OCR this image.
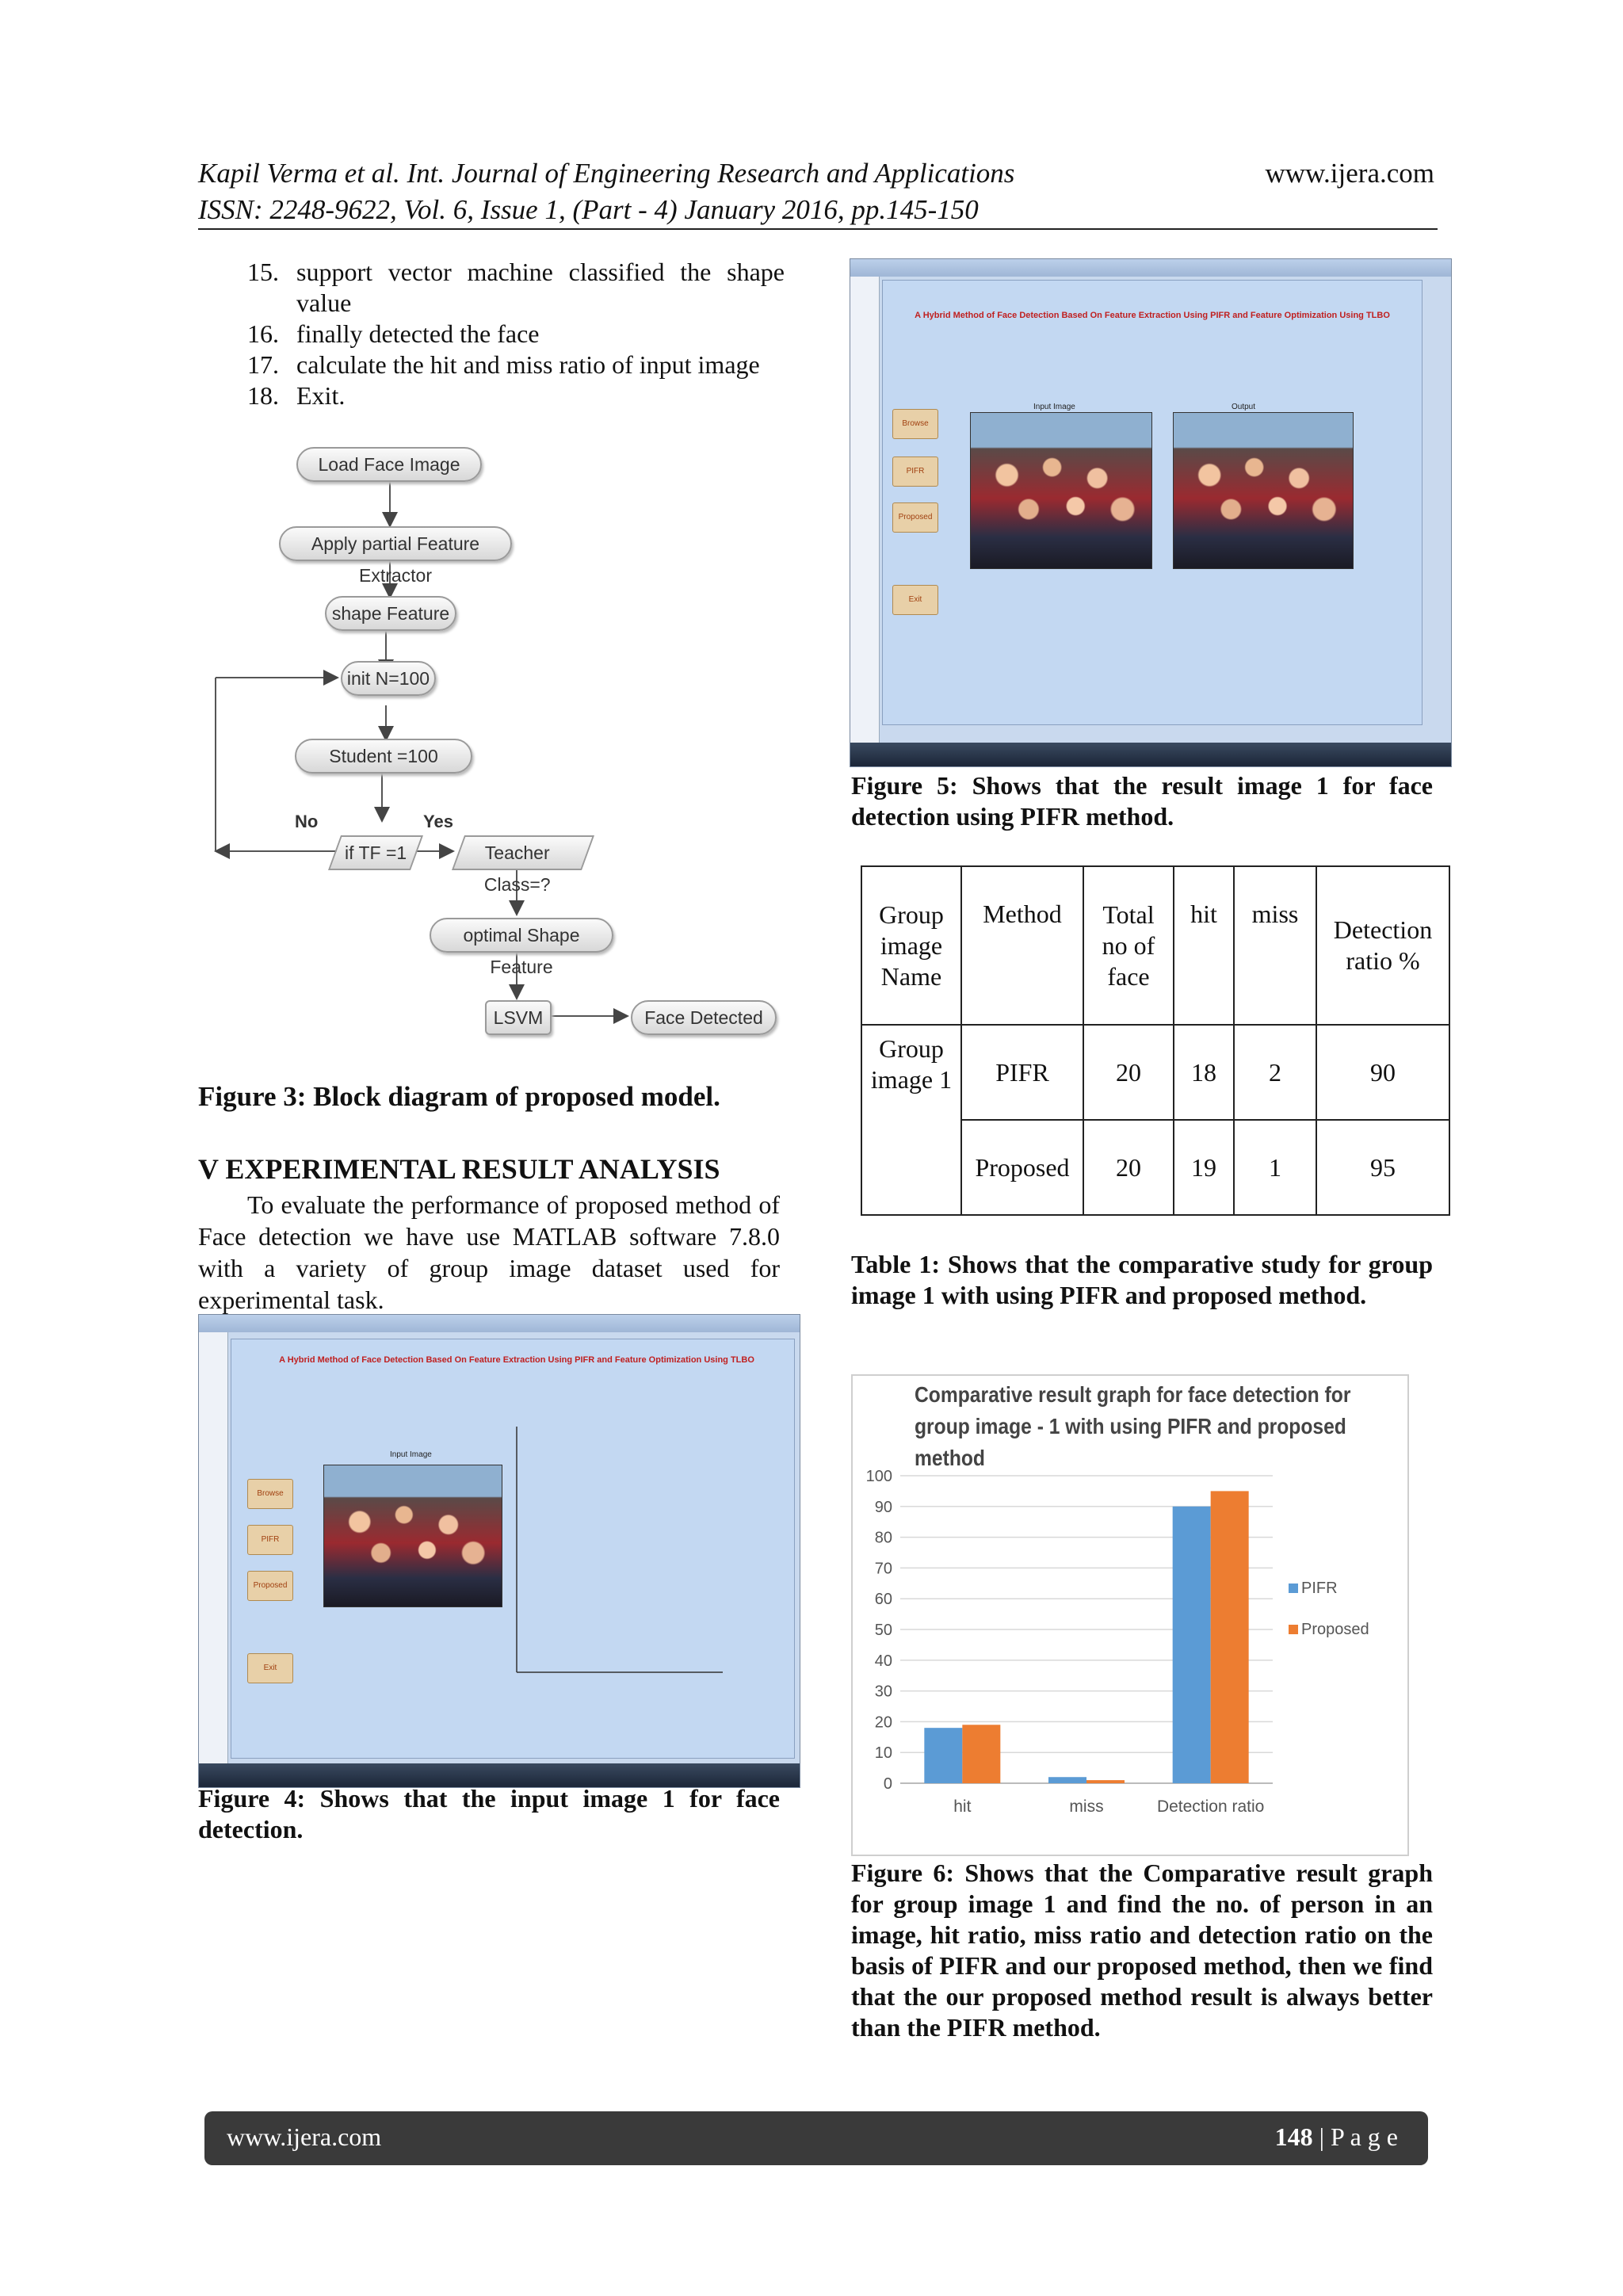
Kapil Verma et al. Int. Journal of Engineering Research and Applications	www.ijera.com
ISSN: 2248-9622, Vol. 6, Issue 1, (Part - 4) January 2016, pp.145-150
15. support vector machine classified the shape value
16. finally detected the face
17. calculate the hit and miss ratio of input image
18. Exit.
Load Face Image
Apply partial Feature Extractor
shape Feature
init N=100
Student =100
No	Yes
if TF =1	Teacher Class=?
optimal Shape Feature
LSVM	Face Detected
Figure 3: Block diagram of proposed model.
V EXPERIMENTAL RESULT ANALYSIS
To evaluate the performance of proposed method of Face detection we have use MATLAB software 7.8.0 with a variety of group image dataset used for experimental task.
A Hybrid Method of Face Detection Based On Feature Extraction Using PIFR and Feature Optimization Using TLBO
Browse
PIFR
Proposed
Exit
Input Image
Figure 4: Shows that the input image 1 for face detection.
A Hybrid Method of Face Detection Based On Feature Extraction Using PIFR and Feature Optimization Using TLBO
Browse
PIFR
Proposed
Exit
Input Image	Output
Figure 5: Shows that the result image 1 for face detection using PIFR method.
Group image Name	Method	Total no of face	hit	miss	Detection ratio %
Group image 1	PIFR	20	18	2	90
	Proposed	20	19	1	95
Table 1: Shows that the comparative study for group image 1 with using PIFR and proposed method.
Comparative result graph for face detection for group image - 1 with using PIFR and proposed method
0
10
20
30
40
50
60
70
80
90
100
hit	miss	Detection ratio
PIFR
Proposed
Figure 6: Shows that the Comparative result graph for group image 1 and find the no. of person in an image, hit ratio, miss ratio and detection ratio on the basis of PIFR and our proposed method, then we find that the our proposed method result is always better than the PIFR method.
www.ijera.com	148 | P a g e
